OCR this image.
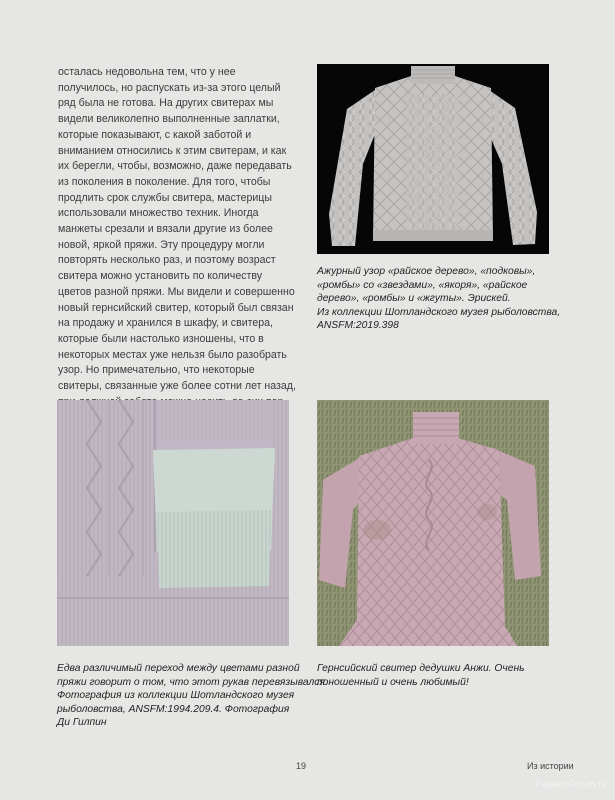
осталась недовольна тем, что у нее получилось, но распускать из-за этого целый ряд была не готова. На других свитерах мы видели великолепно выполненные заплатки, которые показывают, с какой заботой и вниманием относились к этим свитерам, и как их берегли, чтобы, возможно, даже передавать из поколения в поколение. Для того, чтобы продлить срок службы свитера, мастерицы использовали множество техник. Иногда манжеты срезали и вязали другие из более новой, яркой пряжи. Эту процедуру могли повторять несколько раз, и поэтому возраст свитера можно установить по количеству цветов разной пряжи. Мы видели и совершенно новый гернсийский свитер, который был связан на продажу и хранился в шкафу, и свитера, которые были настолько изношены, что в некоторых местах уже нельзя было разобрать узор. Но примечательно, что некоторые свитеры, связанные уже более сотни лет назад,

Ажурный узор «райское дерево», «подковы»,
«ромбы» со «звездами», «якоря», «райское
дерево», «ромбы» и «жгуты». Эрискей.
Из коллекции Шотландского музея рыболовства,
ANSFM:2019.398
Едва различимый переход между цветами разной
пряжи говорит о том, что этот рукав перевязывался.
Фотография из коллекции Шотландского музея
рыболовства, ANSFM:1994.209.4. Фотография
Ди Гилпин
Гернсийский свитер дедушки Анжи. Очень
поношенный и очень любимый!
19	Из истории
PassionForum.ru
